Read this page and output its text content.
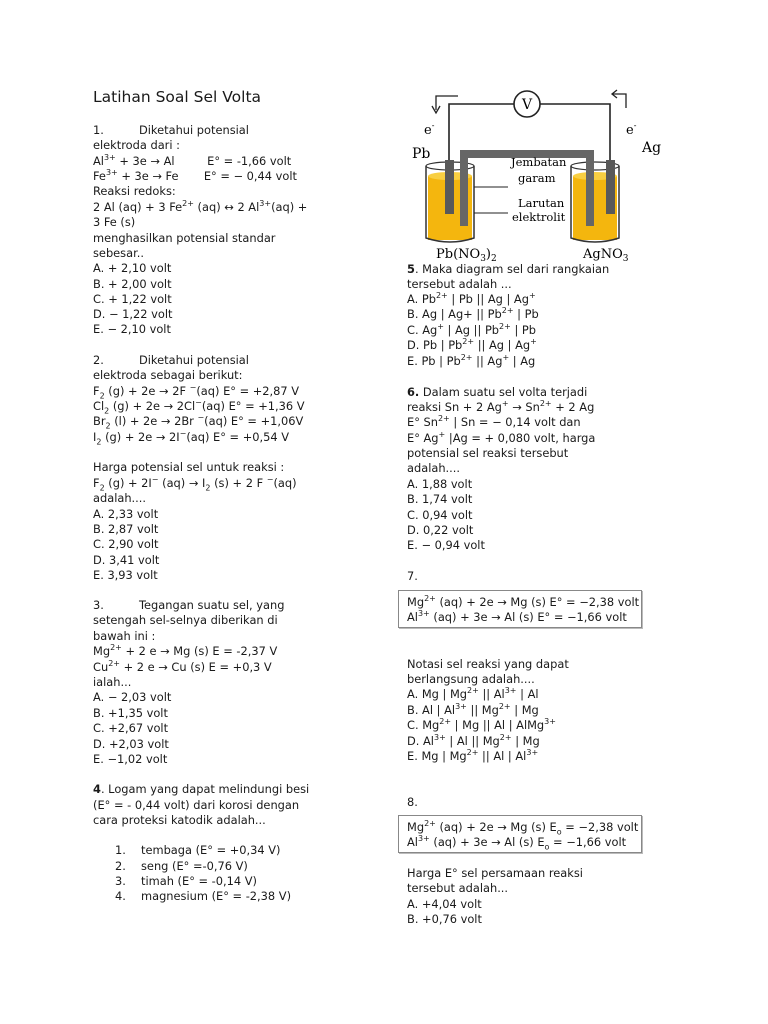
Latihan Soal Sel Volta
1.	Diketahui potensial
elektroda dari :
$Al^{3+} + 3e \to Al$         E° = -1,66 volt
$Fe^{3+} + 3e \to Fe$       E° = − 0,44 volt
Reaksi redoks:
2 Al (aq) + 3 $Fe^{2+}$ (aq) ↔ 2 $Al^{3+}(aq)$ +
3 Fe (s)
menghasilkan potensial standar
sebesar..
A. + 2,10 volt
B. + 2,00 volt
C. + 1,22 volt
D. − 1,22 volt
E. − 2,10 volt
2.	Diketahui potensial
elektroda sebagai berikut:
$F_2$ (g) + 2e → 2F −(aq) E° = +2,87 V
$Cl_2$ (g) + 2e → 2Cl−(aq) E° = +1,36 V
$Br_2$ (l) + 2e → 2Br −(aq) E° = +1,06V
$I_2$ (g) + 2e → 2I−(aq) E° = +0,54 V
Harga potensial sel untuk reaksi :
$F_2$ (g) + 2I− $(aq) \to I_2$ (s) + 2 F −(aq)
adalah....
A. 2,33 volt
B. 2,87 volt
C. 2,90 volt
D. 3,41 volt
E. 3,93 volt
3.	Tegangan suatu sel, yang
setengah sel-selnya diberikan di
bawah ini :
$Mg^{2+} + 2$ e → Mg (s) E = -2,37 V
$Cu^{2+} + 2$ e → Cu (s) E = +0,3 V
ialah...
A. − 2,03 volt
B. +1,35 volt
C. +2,67 volt
D. +2,03 volt
E. −1,02 volt
4. Logam yang dapat melindungi besi
(E° = - 0,44 volt) dari korosi dengan
cara proteksi katodik adalah...
1. tembaga (E° = +0,34 V)
2. seng (E° =-0,76 V)
3. timah (E° = -0,14 V)
4. magnesium (E° = -2,38 V)
V
e-	e-
Pb	Ag
Jembatan
garam
Larutan
elektrolit
$Pb(NO_3)_2$	AgNO$_3$
5. Maka diagram sel dari rangkaian
tersebut adalah ...
A. $Pb^{2+}$ | Pb || Ag | Ag+
B. Ag | Ag+ || $Pb^{2+}$ | Pb
C. Ag+ | Ag || $Pb^{2+}$ | Pb
D. Pb | $Pb^{2+}$ || Ag | Ag+
E. Pb | $Pb^{2+}$ || Ag+ | Ag
6. Dalam suatu sel volta terjadi
reaksi Sn + 2 $Ag^+ \to Sn^{2+} + 2$ Ag
E° $Sn^{2+}$ | Sn = − 0,14 volt dan
E° Ag+ |Ag = + 0,080 volt, harga
potensial sel reaksi tersebut
adalah....
A. 1,88 volt
B. 1,74 volt
C. 0,94 volt
D. 0,22 volt
E. − 0,94 volt
7.
$Mg^{2+}$ (aq) + 2e → Mg (s) E° = −2,38 volt
$Al^{3+}$ (aq) + 3e → Al (s) E° = −1,66 volt
Notasi sel reaksi yang dapat
berlangsung adalah....
A. Mg | $Mg^{2+}$ || $Al^{3+}$ | Al
B. Al | $Al^{3+}$ || $Mg^{2+}$ | Mg
C. $Mg^{2+}$ | Mg || Al | AlMg$^{3+}$
D. $Al^{3+}$ | Al || $Mg^{2+}$ | Mg
E. Mg | $Mg^{2+}$ || Al | $Al^{3+}$
8.
Harga E° sel persamaan reaksi
tersebut adalah...
A. +4,04 volt
B. +0,76 volt
$Mg^{2+}$ (aq) + 2e → Mg (s) $E_o = -2,38$ volt
$Al^{3+}$ (aq) + 3e → Al (s) $E_o = -1,66$ volt
